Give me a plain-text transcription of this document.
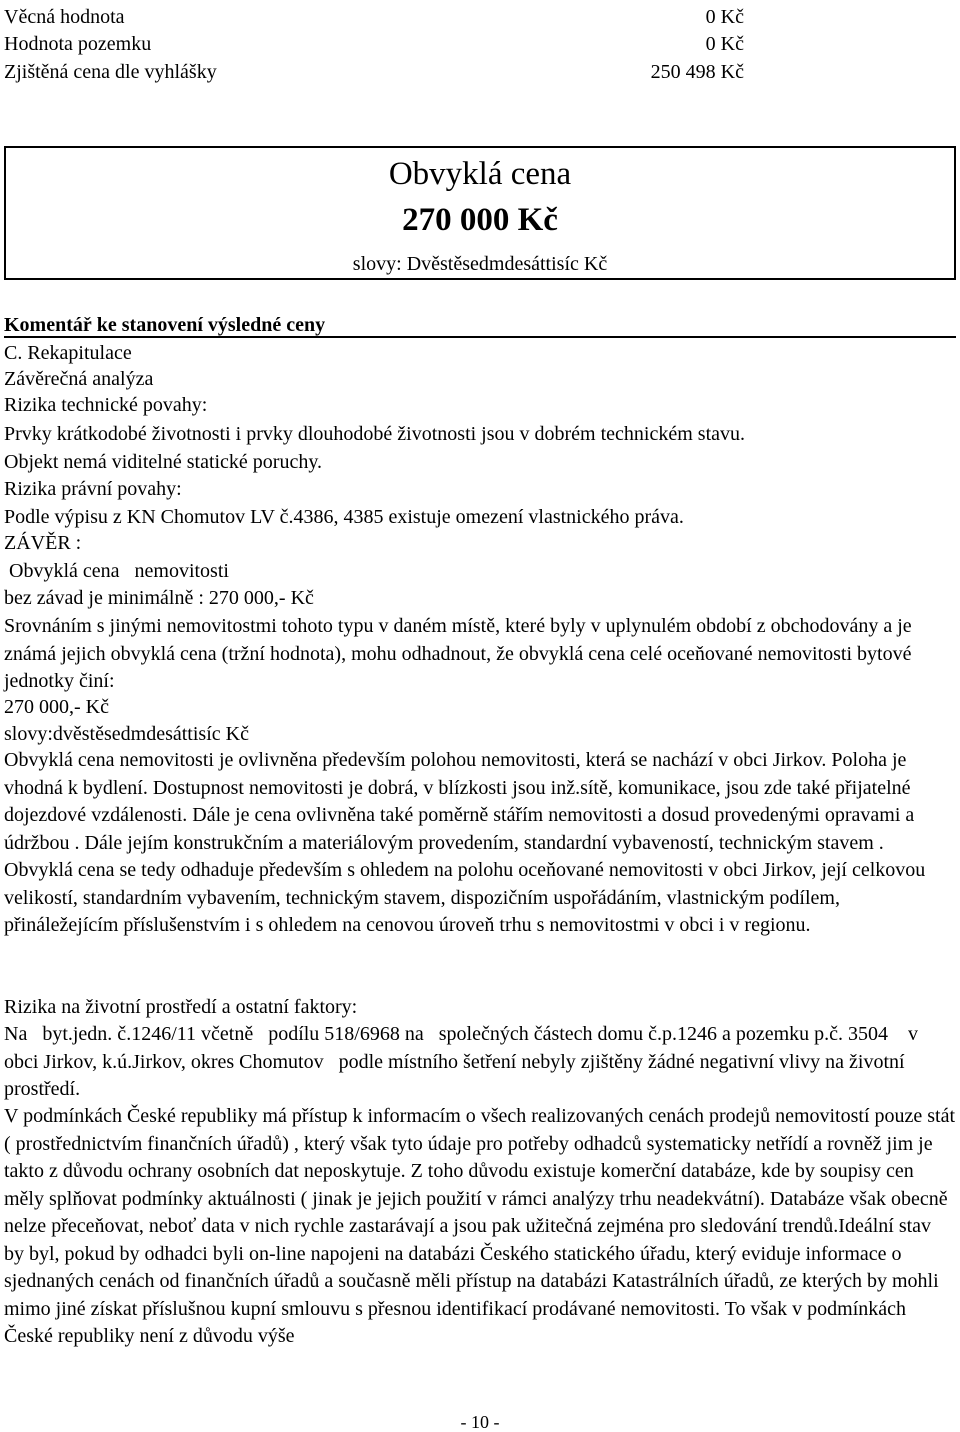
Věcná hodnota	0 Kč
Hodnota pozemku	0 Kč
Zjištěná cena dle vyhlášky	250 498 Kč
Obvyklá cena
270 000 Kč
slovy: Dvěstěsedmdesáttisíc Kč
Komentář ke stanovení výsledné ceny
C. Rekapitulace
Závěrečná analýza
Rizika technické povahy:
Prvky krátkodobé životnosti i prvky dlouhodobé životnosti jsou v dobrém technickém stavu.
Objekt nemá viditelné statické poruchy.
Rizika právní povahy:
Podle výpisu z KN Chomutov LV č.4386, 4385 existuje omezení vlastnického práva.
ZÁVĚR :
Obvyklá cena   nemovitosti
bez závad je minimálně : 270 000,- Kč
Srovnáním s jinými nemovitostmi tohoto typu v daném místě, které byly v uplynulém období z obchodovány a je známá jejich obvyklá cena (tržní hodnota), mohu odhadnout, že obvyklá cena celé oceňované nemovitosti bytové jednotky činí:
270 000,- Kč
slovy:dvěstěsedmdesáttisíc Kč
Obvyklá cena nemovitosti je ovlivněna především polohou nemovitosti, která se nachází v obci Jirkov. Poloha je vhodná k bydlení. Dostupnost nemovitosti je dobrá, v blízkosti jsou inž.sítě, komunikace, jsou zde také přijatelné dojezdové vzdálenosti. Dále je cena ovlivněna také poměrně stářím nemovitosti a dosud provedenými opravami a údržbou . Dále jejím konstrukčním a materiálovým provedením, standardní vybaveností, technickým stavem . Obvyklá cena se tedy odhaduje především s ohledem na polohu oceňované nemovitosti v obci Jirkov, její celkovou velikostí, standardním vybavením, technickým stavem, dispozičním uspořádáním, vlastnickým podílem, přináležejícím příslušenstvím i s ohledem na cenovou úroveň trhu s nemovitostmi v obci i v regionu.
Rizika na životní prostředí a ostatní faktory:
Na   byt.jedn. č.1246/11 včetně   podílu 518/6968 na   společných částech domu č.p.1246 a pozemku p.č. 3504    v   obci Jirkov, k.ú.Jirkov, okres Chomutov   podle místního šetření nebyly zjištěny žádné negativní vlivy na životní prostředí.
V podmínkách České republiky má přístup k informacím o všech realizovaných cenách prodejů nemovitostí pouze stát ( prostřednictvím finančních úřadů) , který však tyto údaje pro potřeby odhadců systematicky netřídí a rovněž jim je takto z důvodu ochrany osobních dat neposkytuje. Z toho důvodu existuje komerční databáze, kde by soupisy cen měly splňovat podmínky aktuálnosti ( jinak je jejich použití v rámci analýzy trhu neadekvátní). Databáze však obecně nelze přeceňovat, neboť data v nich rychle zastarávají a jsou pak užitečná zejména pro sledování trendů.Ideální stav by byl, pokud by odhadci byli on-line napojeni na databázi Českého statického úřadu, který eviduje informace o sjednaných cenách od finančních úřadů a současně měli přístup na databázi Katastrálních úřadů, ze kterých by mohli mimo jiné získat příslušnou kupní smlouvu s přesnou identifikací prodávané nemovitosti. To však v podmínkách České republiky není z důvodu výše
- 10 -
